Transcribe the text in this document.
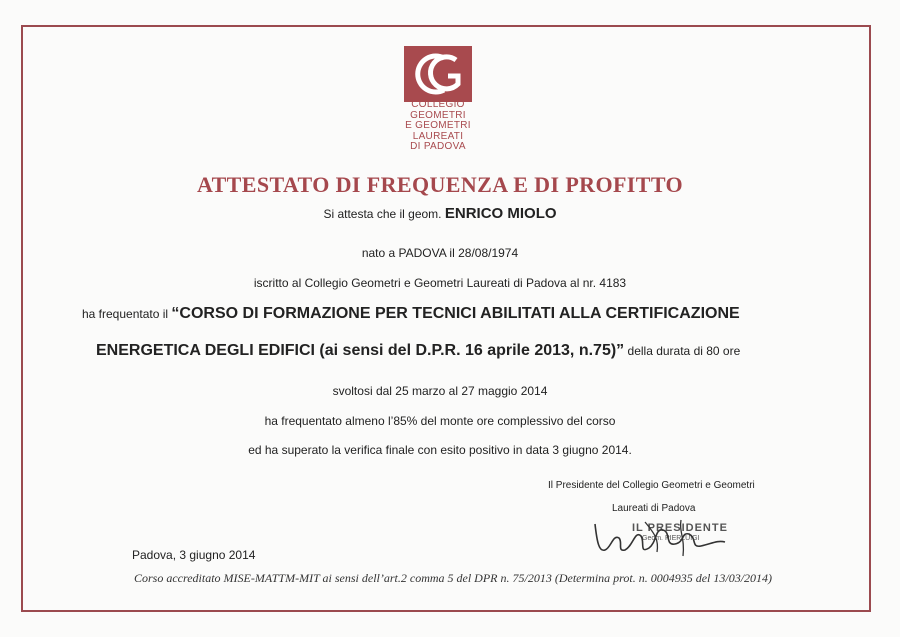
COLLEGIO
GEOMETRI
E GEOMETRI
LAUREATI
DI PADOVA
ATTESTATO DI FREQUENZA E DI PROFITTO
Si attesta che il geom. ENRICO MIOLO
nato a PADOVA il 28/08/1974
iscritto al Collegio Geometri e Geometri Laureati di Padova al nr. 4183
ha frequentato il “CORSO DI FORMAZIONE PER TECNICI ABILITATI ALLA CERTIFICAZIONE
ENERGETICA DEGLI EDIFICI (ai sensi del D.P.R. 16 aprile 2013, n.75)” della durata di 80 ore
svoltosi dal 25 marzo al 27 maggio 2014
ha frequentato almeno l’85% del monte ore complessivo del corso
ed ha superato la verifica finale con esito positivo in data 3 giugno 2014.
Il Presidente del Collegio Geometri e Geometri
Laureati di Padova
IL PRESIDENTE
Geom. PIERLUIGI
Padova, 3 giugno 2014
Corso accreditato MISE-MATTM-MIT ai sensi dell’art.2 comma 5 del DPR n. 75/2013 (Determina prot. n. 0004935 del 13/03/2014)
